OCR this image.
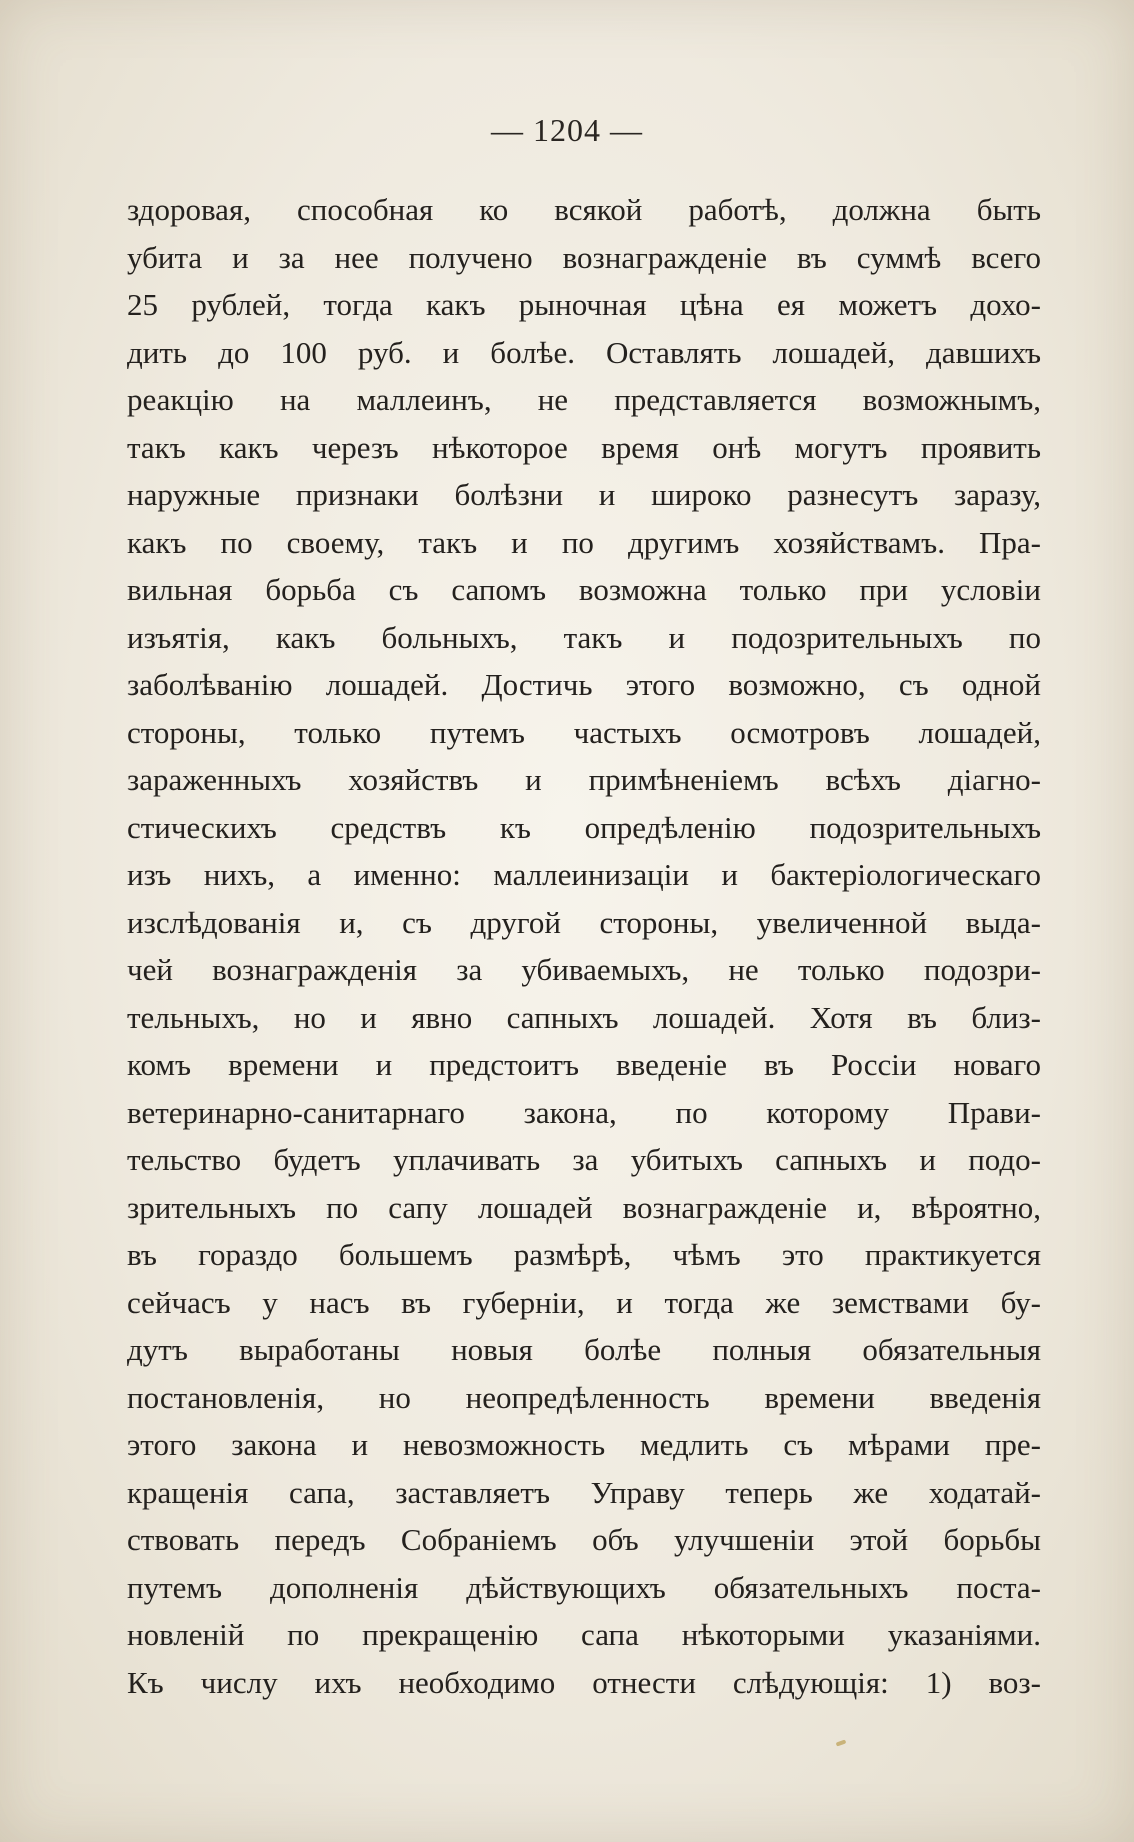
— 1204 —
здоровая, способная ко всякой работѣ, должна быть
убита и за нее получено вознагражденіе въ суммѣ всего
25 рублей, тогда какъ рыночная цѣна ея можетъ дохо-
дить до 100 руб. и болѣе. Оставлять лошадей, давшихъ
реакцію на маллеинъ, не представляется возможнымъ,
такъ какъ черезъ нѣкоторое время онѣ могутъ проявить
наружные признаки болѣзни и широко разнесутъ заразу,
какъ по своему, такъ и по другимъ хозяйствамъ. Пра-
вильная борьба съ сапомъ возможна только при условіи
изъятія, какъ больныхъ, такъ и подозрительныхъ по
заболѣванію лошадей. Достичь этого возможно, съ одной
стороны, только путемъ частыхъ осмотровъ лошадей,
зараженныхъ хозяйствъ и примѣненіемъ всѣхъ діагно-
стическихъ средствъ къ опредѣленію подозрительныхъ
изъ нихъ, а именно: маллеинизаціи и бактеріологическаго
изслѣдованія и, съ другой стороны, увеличенной выда-
чей вознагражденія за убиваемыхъ, не только подозри-
тельныхъ, но и явно сапныхъ лошадей. Хотя въ близ-
комъ времени и предстоитъ введеніе въ Россіи новаго
ветеринарно-санитарнаго закона, по которому Прави-
тельство будетъ уплачивать за убитыхъ сапныхъ и подо-
зрительныхъ по сапу лошадей вознагражденіе и, вѣроятно,
въ гораздо большемъ размѣрѣ, чѣмъ это практикуется
сейчасъ у насъ въ губерніи, и тогда же земствами бу-
дутъ выработаны новыя болѣе полныя обязательныя
постановленія, но неопредѣленность времени введенія
этого закона и невозможность медлить съ мѣрами пре-
кращенія сапа, заставляетъ Управу теперь же ходатай-
ствовать передъ Собраніемъ объ улучшеніи этой борьбы
путемъ дополненія дѣйствующихъ обязательныхъ поста-
новленій по прекращенію сапа нѣкоторыми указаніями.
Къ числу ихъ необходимо отнести слѣдующія: 1) воз-
